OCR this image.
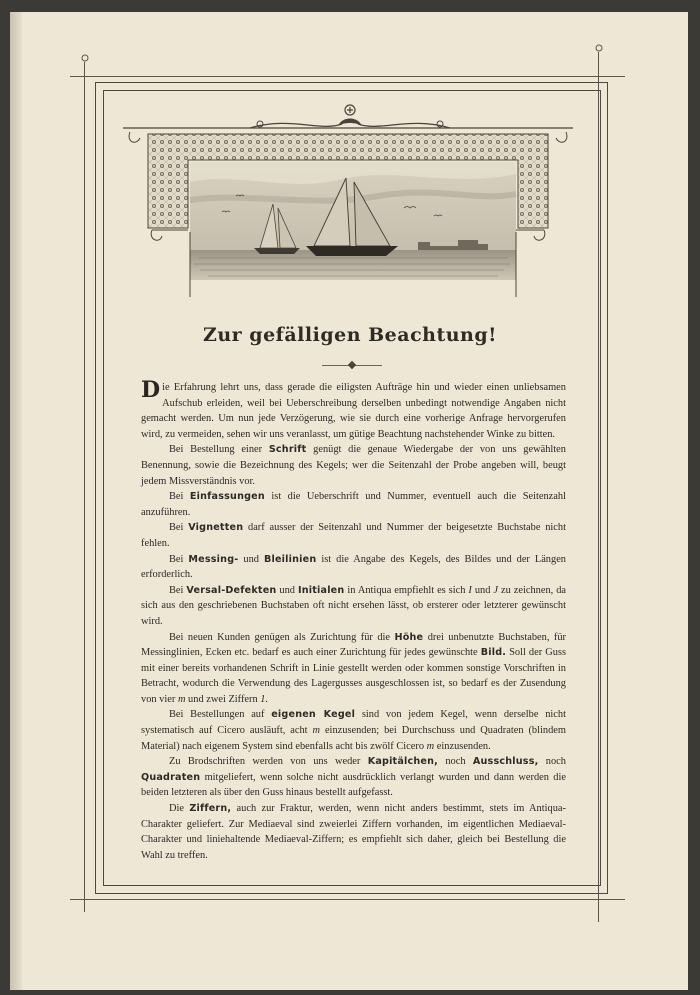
Zur gefälligen Beachtung!

Die Erfahrung lehrt uns, dass gerade die eiligsten Aufträge hin und wieder einen unliebsamen Aufschub erleiden, weil bei Ueberschreibung derselben unbedingt notwendige Angaben nicht gemacht werden. Um nun jede Verzögerung, wie sie durch eine vorherige Anfrage hervorgerufen wird, zu vermeiden, sehen wir uns veranlasst, um gütige Beachtung nachstehender Winke zu bitten.

Bei Bestellung einer Schrift genügt die genaue Wiedergabe der von uns gewählten Benennung, sowie die Bezeichnung des Kegels; wer die Seitenzahl der Probe angeben will, beugt jedem Missverständnis vor.

Bei Einfassungen ist die Ueberschrift und Nummer, eventuell auch die Seitenzahl anzuführen.

Bei Vignetten darf ausser der Seitenzahl und Nummer der beigesetzte Buchstabe nicht fehlen.

Bei Messing- und Bleilinien ist die Angabe des Kegels, des Bildes und der Längen erforderlich.

Bei Versal-Defekten und Initialen in Antiqua empfiehlt es sich I und J zu zeichnen, da sich aus den geschriebenen Buchstaben oft nicht ersehen lässt, ob ersterer oder letzterer gewünscht wird.

Bei neuen Kunden genügen als Zurichtung für die Höhe drei unbenutzte Buchstaben, für Messinglinien, Ecken etc. bedarf es auch einer Zurichtung für jedes gewünschte Bild. Soll der Guss mit einer bereits vorhandenen Schrift in Linie gestellt werden oder kommen sonstige Vorschriften in Betracht, wodurch die Verwendung des Lagergusses ausgeschlossen ist, so bedarf es der Zusendung von vier m und zwei Ziffern 1.

Bei Bestellungen auf eigenen Kegel sind von jedem Kegel, wenn derselbe nicht systematisch auf Cicero ausläuft, acht m einzusenden; bei Durchschuss und Quadraten (blindem Material) nach eigenem System sind ebenfalls acht bis zwölf Cicero m einzusenden.

Zu Brodschriften werden von uns weder Kapitälchen, noch Ausschluss, noch Quadraten mitgeliefert, wenn solche nicht ausdrücklich verlangt wurden und dann werden die beiden letzteren als über den Guss hinaus bestellt aufgefasst.

Die Ziffern, auch zur Fraktur, werden, wenn nicht anders bestimmt, stets im Antiqua-Charakter geliefert. Zur Mediaeval sind zweierlei Ziffern vorhanden, im eigentlichen Mediaeval-Charakter und liniehaltende Mediaeval-Ziffern; es empfiehlt sich daher, gleich bei Bestellung die Wahl zu treffen.
